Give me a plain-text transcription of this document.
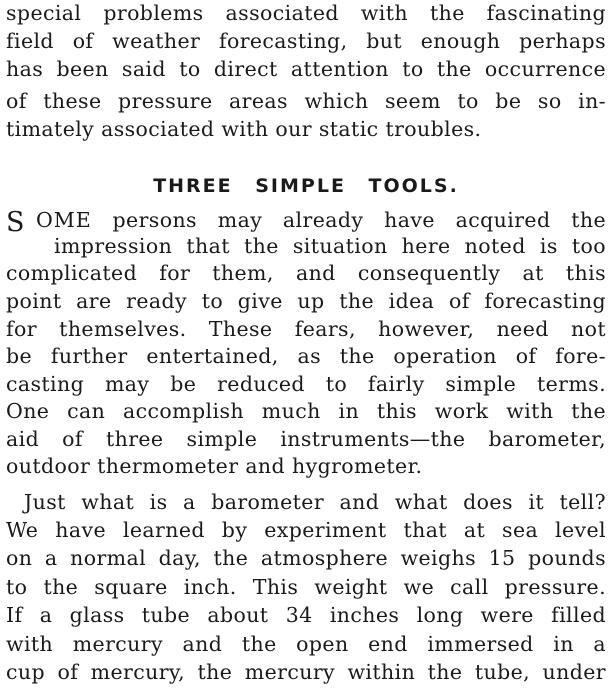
special problems associated with the fascinating
field of weather forecasting, but enough perhaps
has been said to direct attention to the occurrence
of these pressure areas which seem to be so in-
timately associated with our static troubles.
THREE SIMPLE TOOLS.
S OME persons may already have acquired the
impression that the situation here noted is too
complicated for them, and consequently at this
point are ready to give up the idea of forecasting
for themselves. These fears, however, need not
be further entertained, as the operation of fore-
casting may be reduced to fairly simple terms.
One can accomplish much in this work with the
aid of three simple instruments—the barometer,
outdoor thermometer and hygrometer.
Just what is a barometer and what does it tell?
We have learned by experiment that at sea level
on a normal day, the atmosphere weighs 15 pounds
to the square inch. This weight we call pressure.
If a glass tube about 34 inches long were filled
with mercury and the open end immersed in a
cup of mercury, the mercury within the tube, under
